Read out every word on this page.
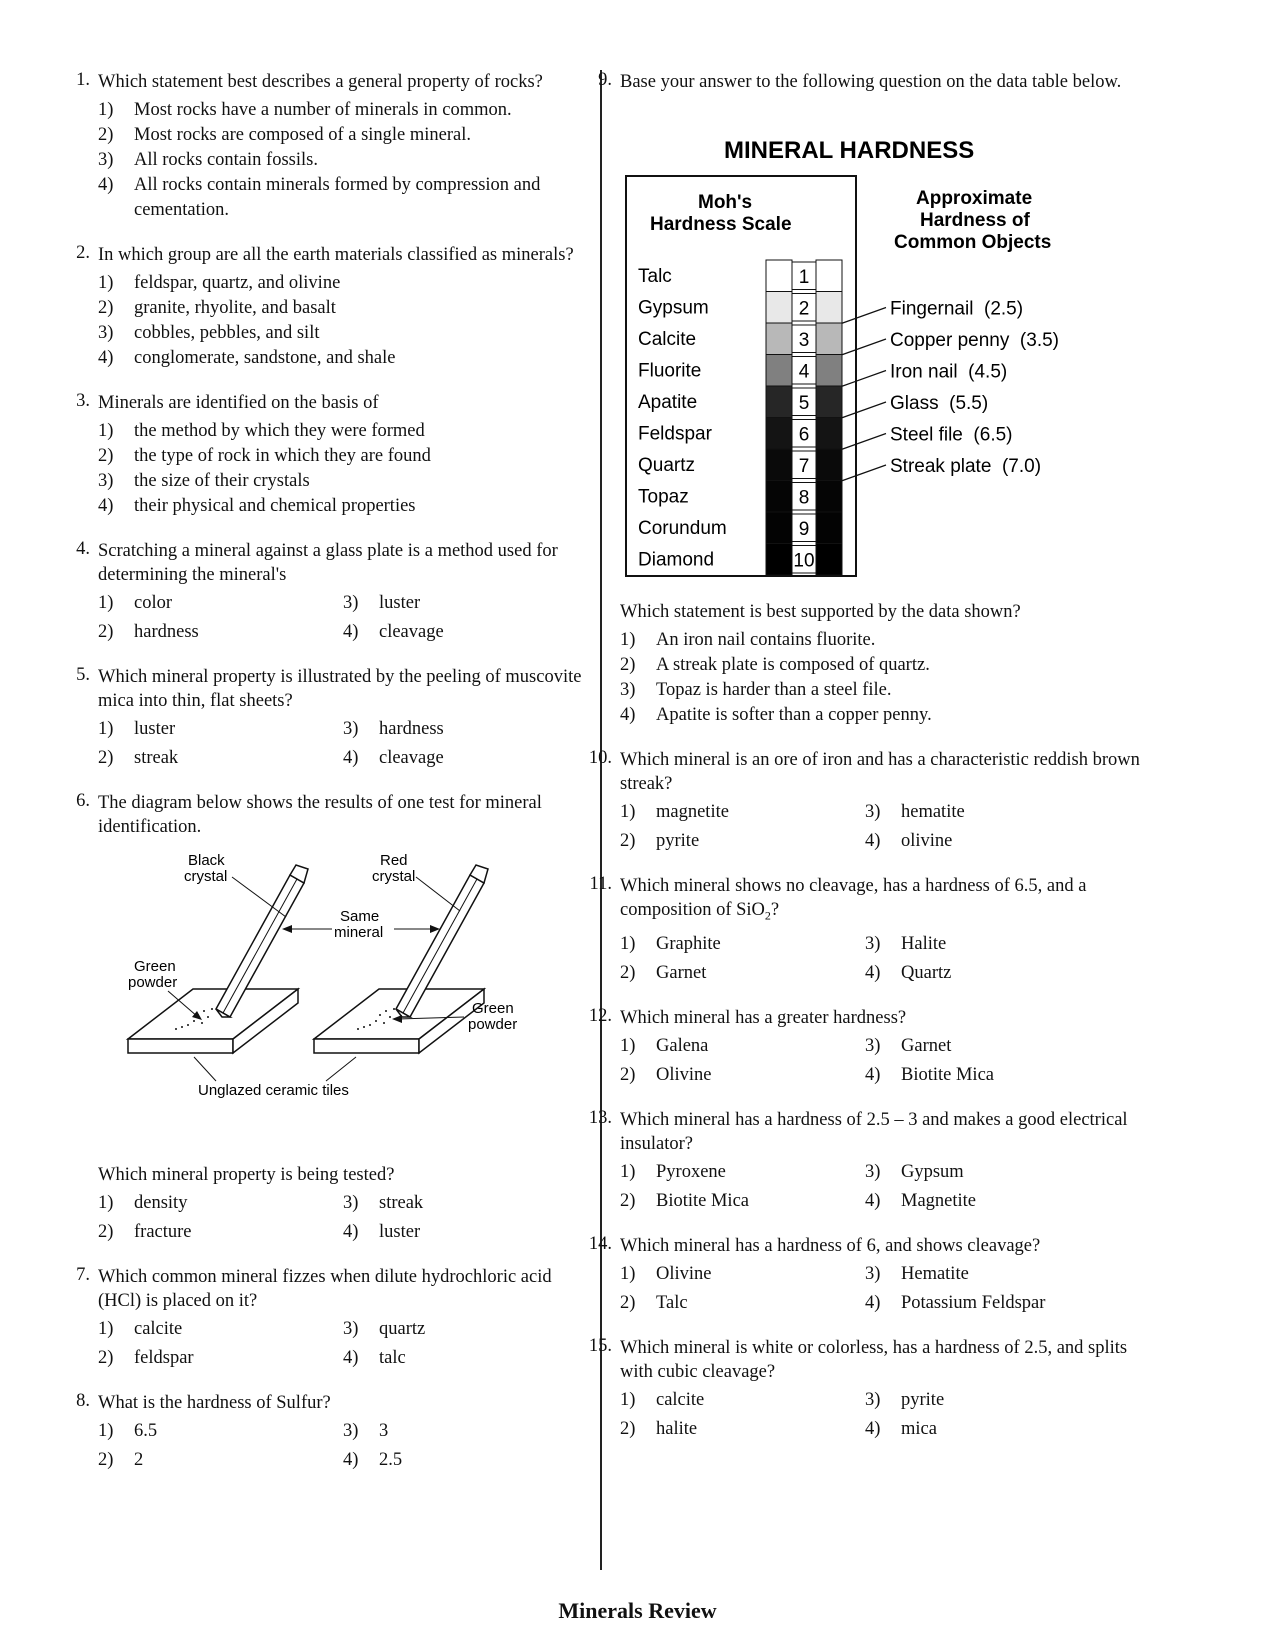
1. Which statement best describes a general property of rocks?
1)	Most rocks have a number of minerals in common.
2)	Most rocks are composed of a single mineral.
3)	All rocks contain fossils.
4)	All rocks contain minerals formed by compression and cementation.
2. In which group are all the earth materials classified as minerals?
1)	feldspar, quartz, and olivine
2)	granite, rhyolite, and basalt
3)	cobbles, pebbles, and silt
4)	conglomerate, sandstone, and shale
3. Minerals are identified on the basis of
1)	the method by which they were formed
2)	the type of rock in which they are found
3)	the size of their crystals
4)	their physical and chemical properties
4. Scratching a mineral against a glass plate is a method used for determining the mineral's
1)	color	3)	luster
2)	hardness	4)	cleavage
5. Which mineral property is illustrated by the peeling of muscovite mica into thin, flat sheets?
1)	luster	3)	hardness
2)	streak	4)	cleavage
6. The diagram below shows the results of one test for mineral identification.
Black
crystal
Red
crystal
Same
mineral
Green
powder
Green
powder
Unglazed ceramic tiles
Which mineral property is being tested?
1)	density	3)	streak
2)	fracture	4)	luster
7. Which common mineral fizzes when dilute hydrochloric acid (HCl) is placed on it?
1)	calcite	3)	quartz
2)	feldspar	4)	talc
8. What is the hardness of Sulfur?
1)	6.5	3)	3
2)	2	4)	2.5
9. Base your answer to the following question on the data table below.
MINERAL HARDNESS
Moh's
Hardness Scale
Approximate
Hardness of
Common Objects
Talc	1
Gypsum	2
Calcite	3
Fluorite	4
Apatite	5
Feldspar	6
Quartz	7
Topaz	8
Corundum	9
Diamond	10
Fingernail  (2.5)
Copper penny  (3.5)
Iron nail  (4.5)
Glass  (5.5)
Steel file  (6.5)
Streak plate  (7.0)
Which statement is best supported by the data shown?
1)	An iron nail contains fluorite.
2)	A streak plate is composed of quartz.
3)	Topaz is harder than a steel file.
4)	Apatite is softer than a copper penny.
10. Which mineral is an ore of iron and has a characteristic reddish brown streak?
1)	magnetite	3)	hematite
2)	pyrite	4)	olivine
11. Which mineral shows no cleavage, has a hardness of 6.5, and a composition of SiO$_2$?
1)	Graphite	3)	Halite
2)	Garnet	4)	Quartz
12. Which mineral has a greater hardness?
1)	Galena	3)	Garnet
2)	Olivine	4)	Biotite Mica
13. Which mineral has a hardness of 2.5 – 3 and makes a good electrical insulator?
1)	Pyroxene	3)	Gypsum
2)	Biotite Mica	4)	Magnetite
14. Which mineral has a hardness of 6, and shows cleavage?
1)	Olivine	3)	Hematite
2)	Talc	4)	Potassium Feldspar
15. Which mineral is white or colorless, has a hardness of 2.5, and splits with cubic cleavage?
1)	calcite	3)	pyrite
2)	halite	4)	mica
Minerals Review
